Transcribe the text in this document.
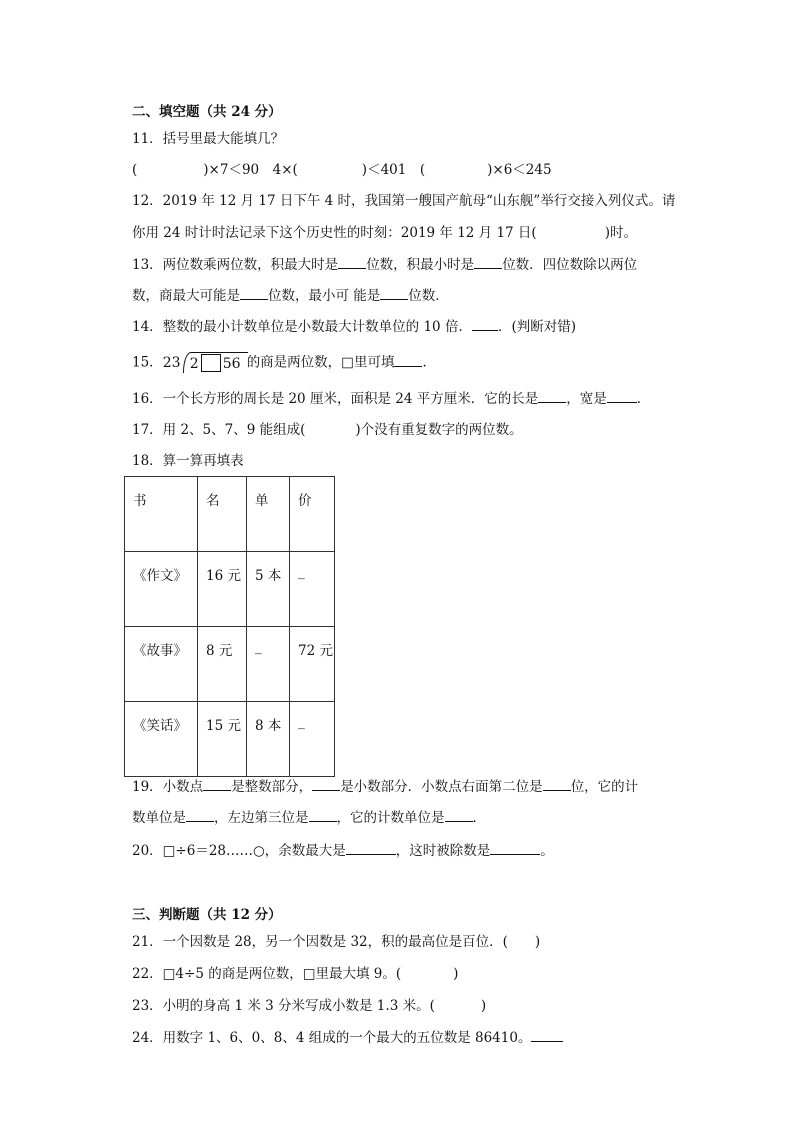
二、填空题（共 24 分）
11．括号里最大能填几？
(	)×7＜90　4×(	)＜401　(	)×6＜245
12．2019 年 12 月 17 日下午 4 时，我国第一艘国产航母“山东舰”举行交接入列仪式。请
你用 24 时计时法记录下这个历史性的时刻：2019 年 12 月 17 日(	)时。
13．两位数乘两位数，积最大时是 位数，积最小时是 位数．四位数除以两位
数，商最大可能是 位数，最小可 能是 位数．
14．整数的最小计数单位是小数最大计数单位的 10 倍． ．(判断对错)
15． 23 2 56 的商是两位数，□里可填 ．
16．一个长方形的周长是 20 厘米，面积是 24 平方厘米．它的长是 ，宽是 ．
17．用 2、5、7、9 能组成(	)个没有重复数字的两位数。
18．算一算再填表
书	名	单	价
《作文》	16 元	5 本	_
《故事》	8 元	_	72 元
《笑话》	15 元	8 本	_
19．小数点 是整数部分， 是小数部分．小数点右面第二位是 位，它的计
数单位是 ，左边第三位是 ，它的计数单位是 ．
20．□÷6＝28……○，余数最大是	，这时被除数是	。
三、判断题（共 12 分）
21．一个因数是 28，另一个因数是 32，积的最高位是百位．(　　)
22．□4÷5 的商是两位数，□里最大填 9。(	)
23．小明的身高 1 米 3 分米写成小数是 1.3 米。(	)
24．用数字 1、6、0、8、4 组成的一个最大的五位数是 86410。
